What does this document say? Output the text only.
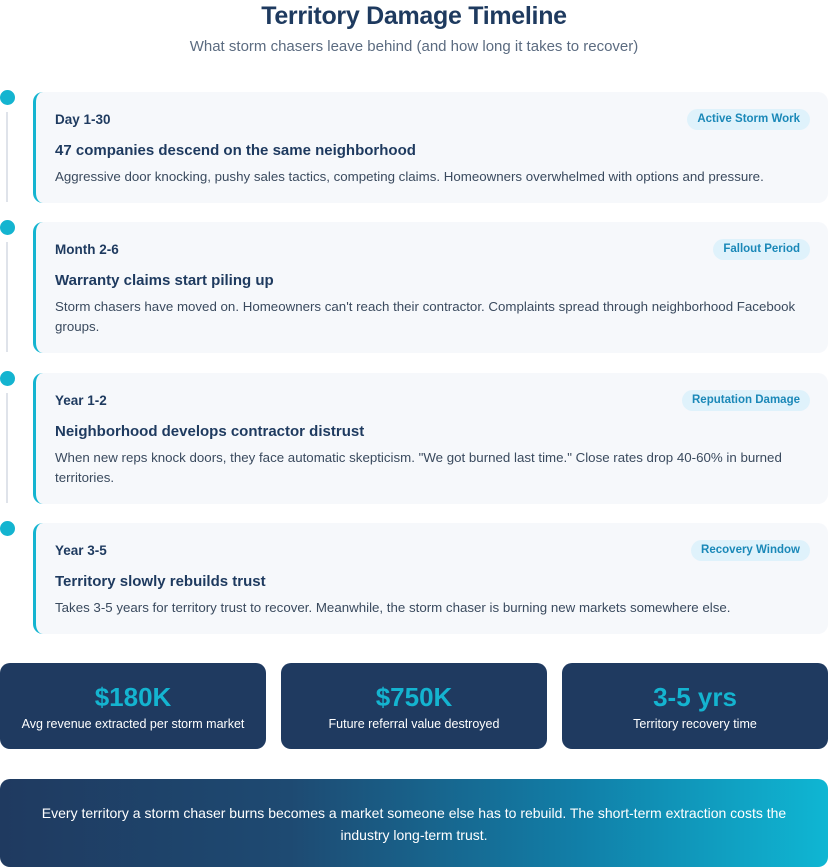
Territory Damage Timeline
What storm chasers leave behind (and how long it takes to recover)
Day 1-30	Active Storm Work
47 companies descend on the same neighborhood
Aggressive door knocking, pushy sales tactics, competing claims. Homeowners overwhelmed with options and pressure.
Month 2-6	Fallout Period
Warranty claims start piling up
Storm chasers have moved on. Homeowners can't reach their contractor. Complaints spread through neighborhood Facebook groups.
Year 1-2	Reputation Damage
Neighborhood develops contractor distrust
When new reps knock doors, they face automatic skepticism. "We got burned last time." Close rates drop 40-60% in burned territories.
Year 3-5	Recovery Window
Territory slowly rebuilds trust
Takes 3-5 years for territory trust to recover. Meanwhile, the storm chaser is burning new markets somewhere else.
$180K
Avg revenue extracted per storm market
$750K
Future referral value destroyed
3-5 yrs
Territory recovery time
Every territory a storm chaser burns becomes a market someone else has to rebuild. The short-term extraction costs the industry long-term trust.
